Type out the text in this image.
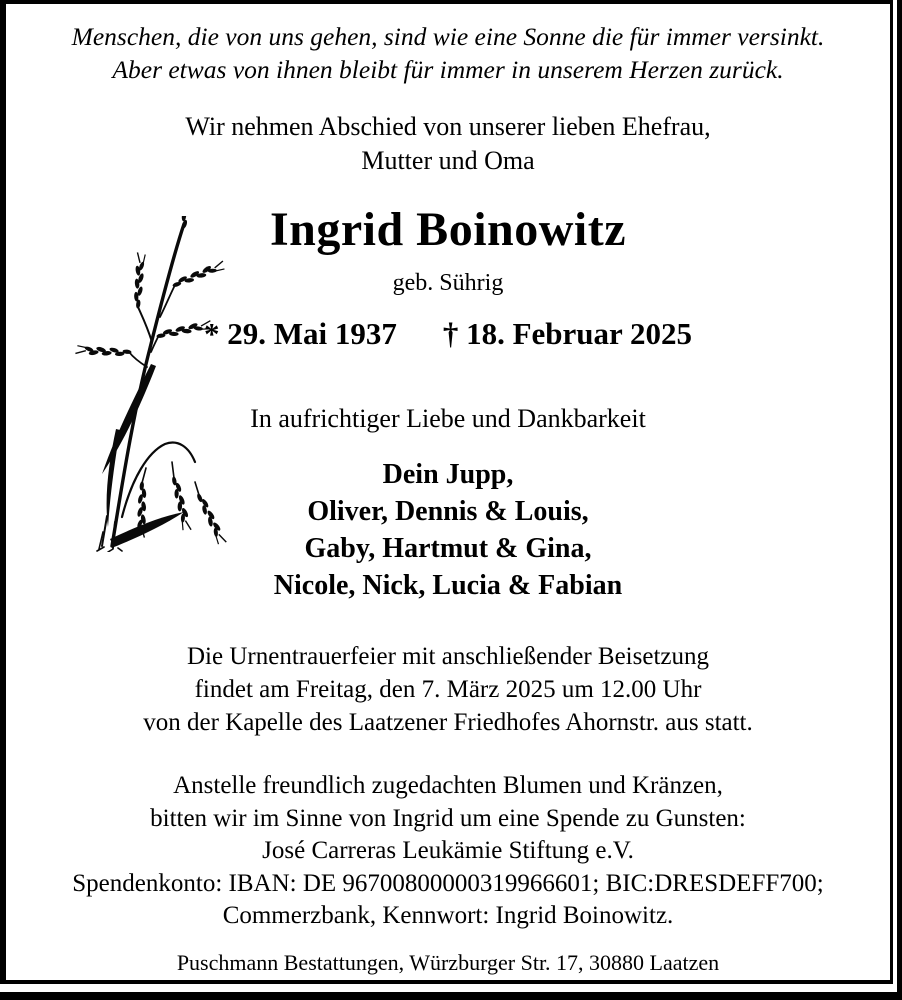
Menschen, die von uns gehen, sind wie eine Sonne die für immer versinkt.
Aber etwas von ihnen bleibt für immer in unserem Herzen zurück.
Wir nehmen Abschied von unserer lieben Ehefrau,
Mutter und Oma
Ingrid Boinowitz
geb. Sührig
* 29. Mai 1937 † 18. Februar 2025
In aufrichtiger Liebe und Dankbarkeit
Dein Jupp,
Oliver, Dennis & Louis,
Gaby, Hartmut & Gina,
Nicole, Nick, Lucia & Fabian
Die Urnentrauerfeier mit anschließender Beisetzung
findet am Freitag, den 7. März 2025 um 12.00 Uhr
von der Kapelle des Laatzener Friedhofes Ahornstr. aus statt.
Anstelle freundlich zugedachten Blumen und Kränzen,
bitten wir im Sinne von Ingrid um eine Spende zu Gunsten:
José Carreras Leukämie Stiftung e.V.
Spendenkonto: IBAN: DE 96700800000319966601; BIC:DRESDEFF700;
Commerzbank, Kennwort: Ingrid Boinowitz.
Puschmann Bestattungen, Würzburger Str. 17, 30880 Laatzen
